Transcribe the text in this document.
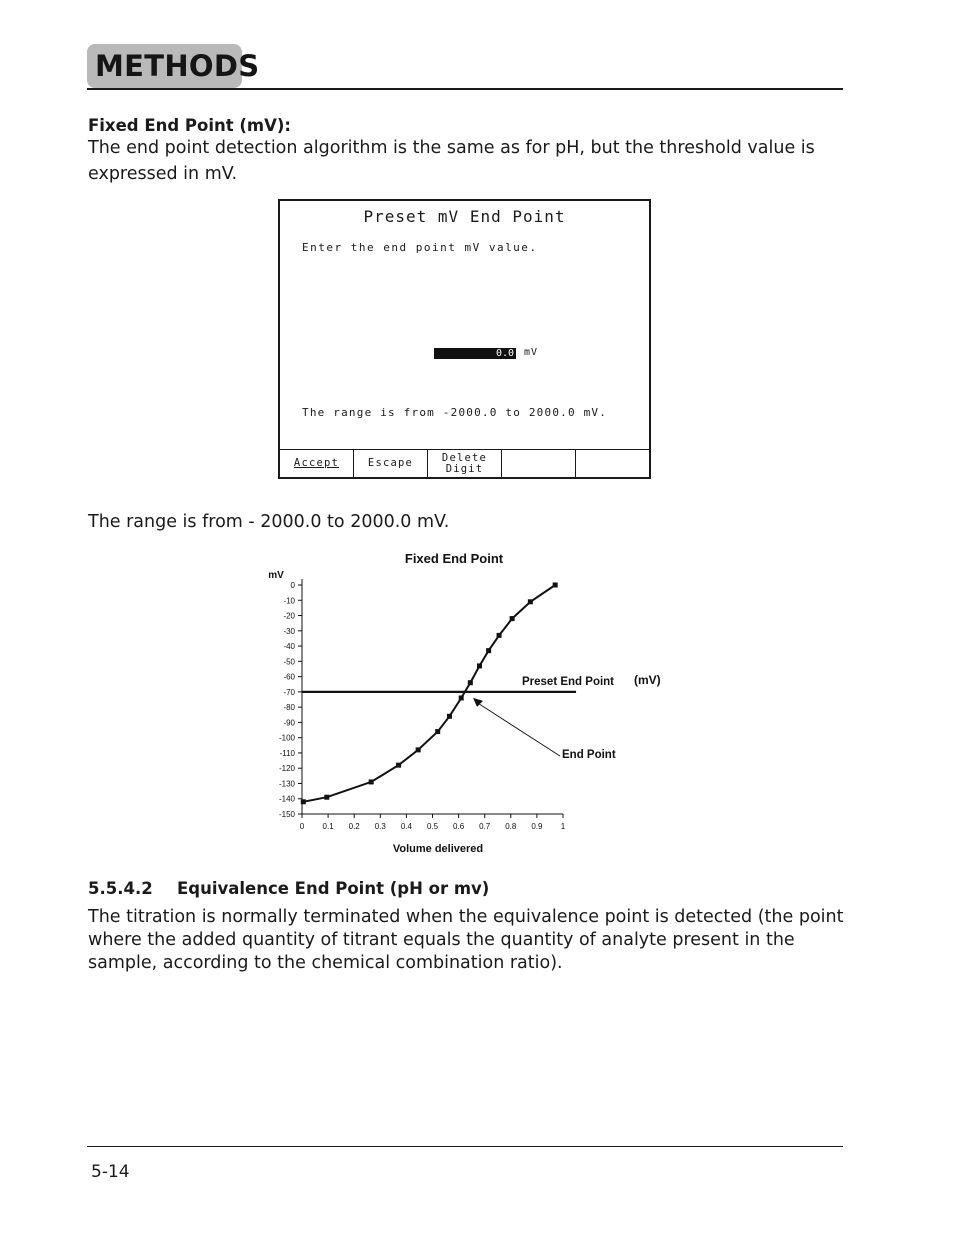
METHODS
Fixed End Point (mV):
The end point detection algorithm is the same as for pH, but the threshold value is expressed in mV.
Preset mV End Point
Enter the end point mV value.
0.0 mV
The range is from -2000.0 to 2000.0 mV.
Accept	Escape	Delete
Digit
The range is from - 2000.0 to 2000.0 mV.
Fixed End Point
mV
Volume delivered
0
-10
-20
-30
-40
-50
-60
-70
-80
-90
-100
-110
-120
-130
-140
-150
0 0.1 0.2 0.3 0.4 0.5 0.6 0.7 0.8 0.9 1
Preset End Point (mV)
End Point
5.5.4.2 Equivalence End Point (pH or mv)
The titration is normally terminated when the equivalence point is detected (the point where the added quantity of titrant equals the quantity of analyte present in the sample, according to the chemical combination ratio).
5-14
